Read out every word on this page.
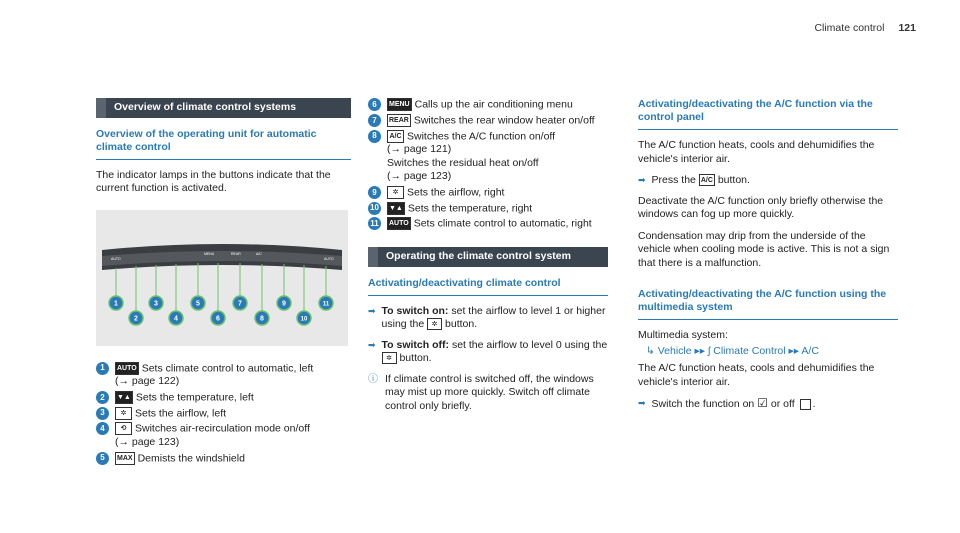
Climate control 121
Overview of climate control systems
Overview of the operating unit for automatic climate control

The indicator lamps in the buttons indicate that the current function is activated.

AUTO
MENU	REAR	A/C
AUTO
1
2
3
4
5
6
7
8
9
10
11
1	AUTO Sets climate control to automatic, left
(→ page 122)
2	▼▲ Sets the temperature, left
3	✲ Sets the airflow, left
4	⟲ Switches air-recirculation mode on/off
(→ page 123)
5	MAX Demists the windshield
6	MENU Calls up the air conditioning menu
7	REAR Switches the rear window heater on/off
8	A/C Switches the A/C function on/off
(→ page 121)
Switches the residual heat on/off
(→ page 123)
9	✲ Sets the airflow, right
10 ▼▲ Sets the temperature, right
11	AUTO Sets climate control to automatic, right
Operating the climate control system
Activating/deactivating climate control
➡ To switch on: set the airflow to level 1 or higher using the ✲ button.
➡ To switch off: set the airflow to level 0 using the ✲ button.
ⓘ If climate control is switched off, the windows may mist up more quickly. Switch off climate control only briefly.
Activating/deactivating the A/C function via the control panel

The A/C function heats, cools and dehumidifies the vehicle's interior air.

➡ Press the A/C button.

Deactivate the A/C function only briefly otherwise the windows can fog up more quickly.

Condensation may drip from the underside of the vehicle when cooling mode is active. This is not a sign that there is a malfunction.

Activating/deactivating the A/C function using the multimedia system

Multimedia system:

↳ Vehicle ▸▸ ʃ Climate Control ▸▸ A/C

The A/C function heats, cools and dehumidifies the vehicle's interior air.

➡ Switch the function on ☑ or off .
